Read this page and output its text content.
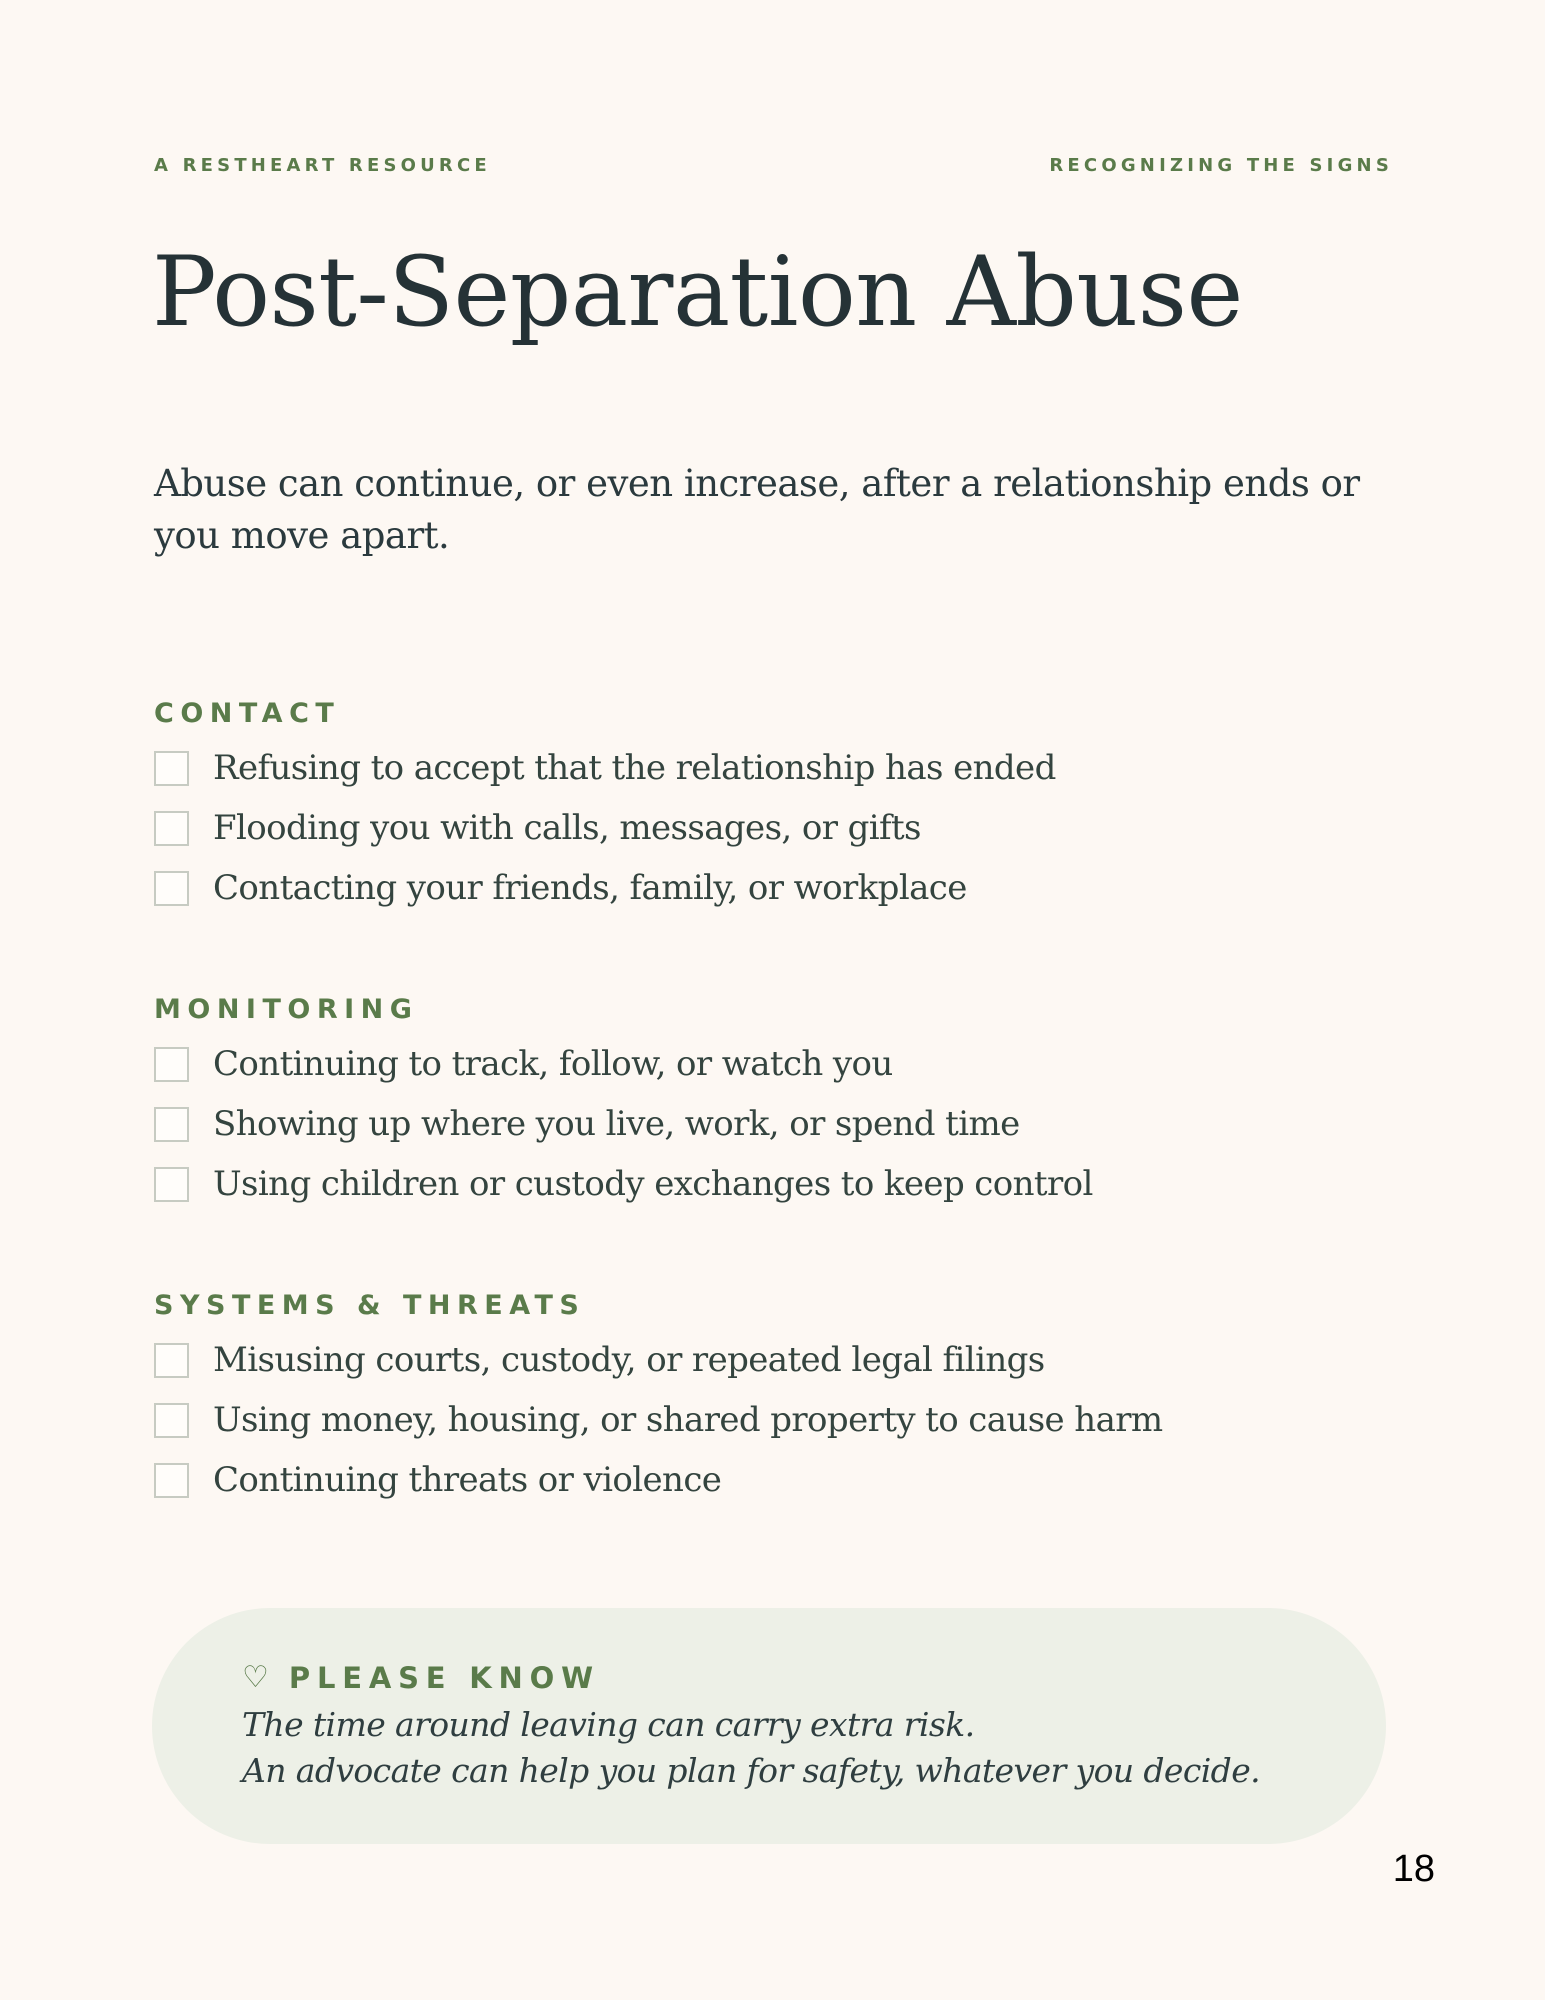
A RESTHEART RESOURCE	RECOGNIZING THE SIGNS
Post-Separation Abuse

Abuse can continue, or even increase, after a relationship ends or you move apart.

CONTACT
Refusing to accept that the relationship has ended
Flooding you with calls, messages, or gifts
Contacting your friends, family, or workplace
MONITORING
Continuing to track, follow, or watch you
Showing up where you live, work, or spend time
Using children or custody exchanges to keep control
SYSTEMS & THREATS
Misusing courts, custody, or repeated legal filings
Using money, housing, or shared property to cause harm
Continuing threats or violence
♡ PLEASE KNOW
The time around leaving can carry extra risk.
An advocate can help you plan for safety, whatever you decide.
18
